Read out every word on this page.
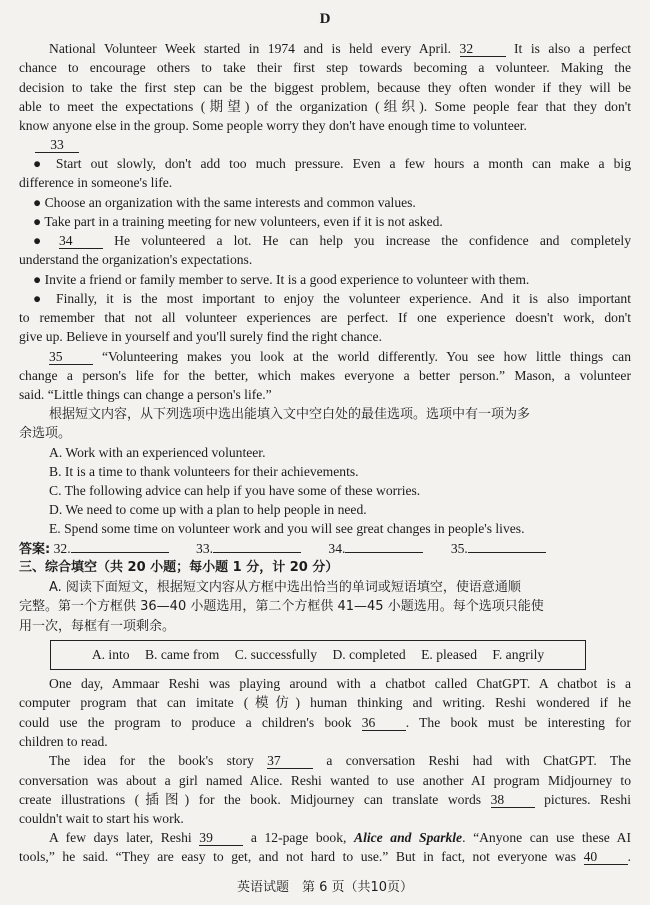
D
National Volunteer Week started in 1974 and is held every April. 32	It is also a perfect
chance to encourage others to take their first step towards becoming a volunteer. Making the
decision to take the first step can be the biggest problem, because they often wonder if they will be
able to meet the expectations (期望) of the organization (组织). Some people fear that they don't
know anyone else in the group. Some people worry they don't have enough time to volunteer.
33
● Start out slowly, don't add too much pressure. Even a few hours a month can make a big
difference in someone's life.
● Choose an organization with the same interests and common values.
● Take part in a training meeting for new volunteers, even if it is not asked.
● 34	He volunteered a lot. He can help you increase the confidence and completely
understand the organization's expectations.
● Invite a friend or family member to serve. It is a good experience to volunteer with them.
● Finally, it is the most important to enjoy the volunteer experience. And it is also important
to remember that not all volunteer experiences are perfect. If one experience doesn't work, don't
give up. Believe in yourself and you'll surely find the right chance.
35	“Volunteering makes you look at the world differently. You see how little things can
change a person's life for the better, which makes everyone a better person.” Mason, a volunteer
said. “Little things can change a person's life.”
根据短文内容，从下列选项中选出能填入文中空白处的最佳选项。选项中有一项为多
余选项。
A. Work with an experienced volunteer.
B. It is a time to thank volunteers for their achievements.
C. The following advice can help if you have some of these worries.
D. We need to come up with a plan to help people in need.
E. Spend some time on volunteer work and you will see great changes in people's lives.
答案: 32.	33.	34.	35.
三、综合填空（共 20 小题；每小题 1 分，计 20 分）
A. 阅读下面短文，根据短文内容从方框中选出恰当的单词或短语填空，使语意通顺
完整。第一个方框供 36—40 小题选用，第二个方框供 41—45 小题选用。每个选项只能使
用一次，每框有一项剩余。
A. into B. came from C. successfully D. completed E. pleased F. angrily
One day, Ammaar Reshi was playing around with a chatbot called ChatGPT. A chatbot is a
computer program that can imitate (模仿) human thinking and writing. Reshi wondered if he
could use the program to produce a children's book 36 . The book must be interesting for
children to read.
The idea for the book's story 37	a conversation Reshi had with ChatGPT. The
conversation was about a girl named Alice. Reshi wanted to use another AI program Midjourney to
create illustrations (插图) for the book. Midjourney can translate words 38	pictures. Reshi
couldn't wait to start his work.
A few days later, Reshi 39	a 12-page book, Alice and Sparkle. “Anyone can use these AI
tools,” he said. “They are easy to get, and not hard to use.” But in fact, not everyone was 40 .
英语试题　第 6 页（共10页）
